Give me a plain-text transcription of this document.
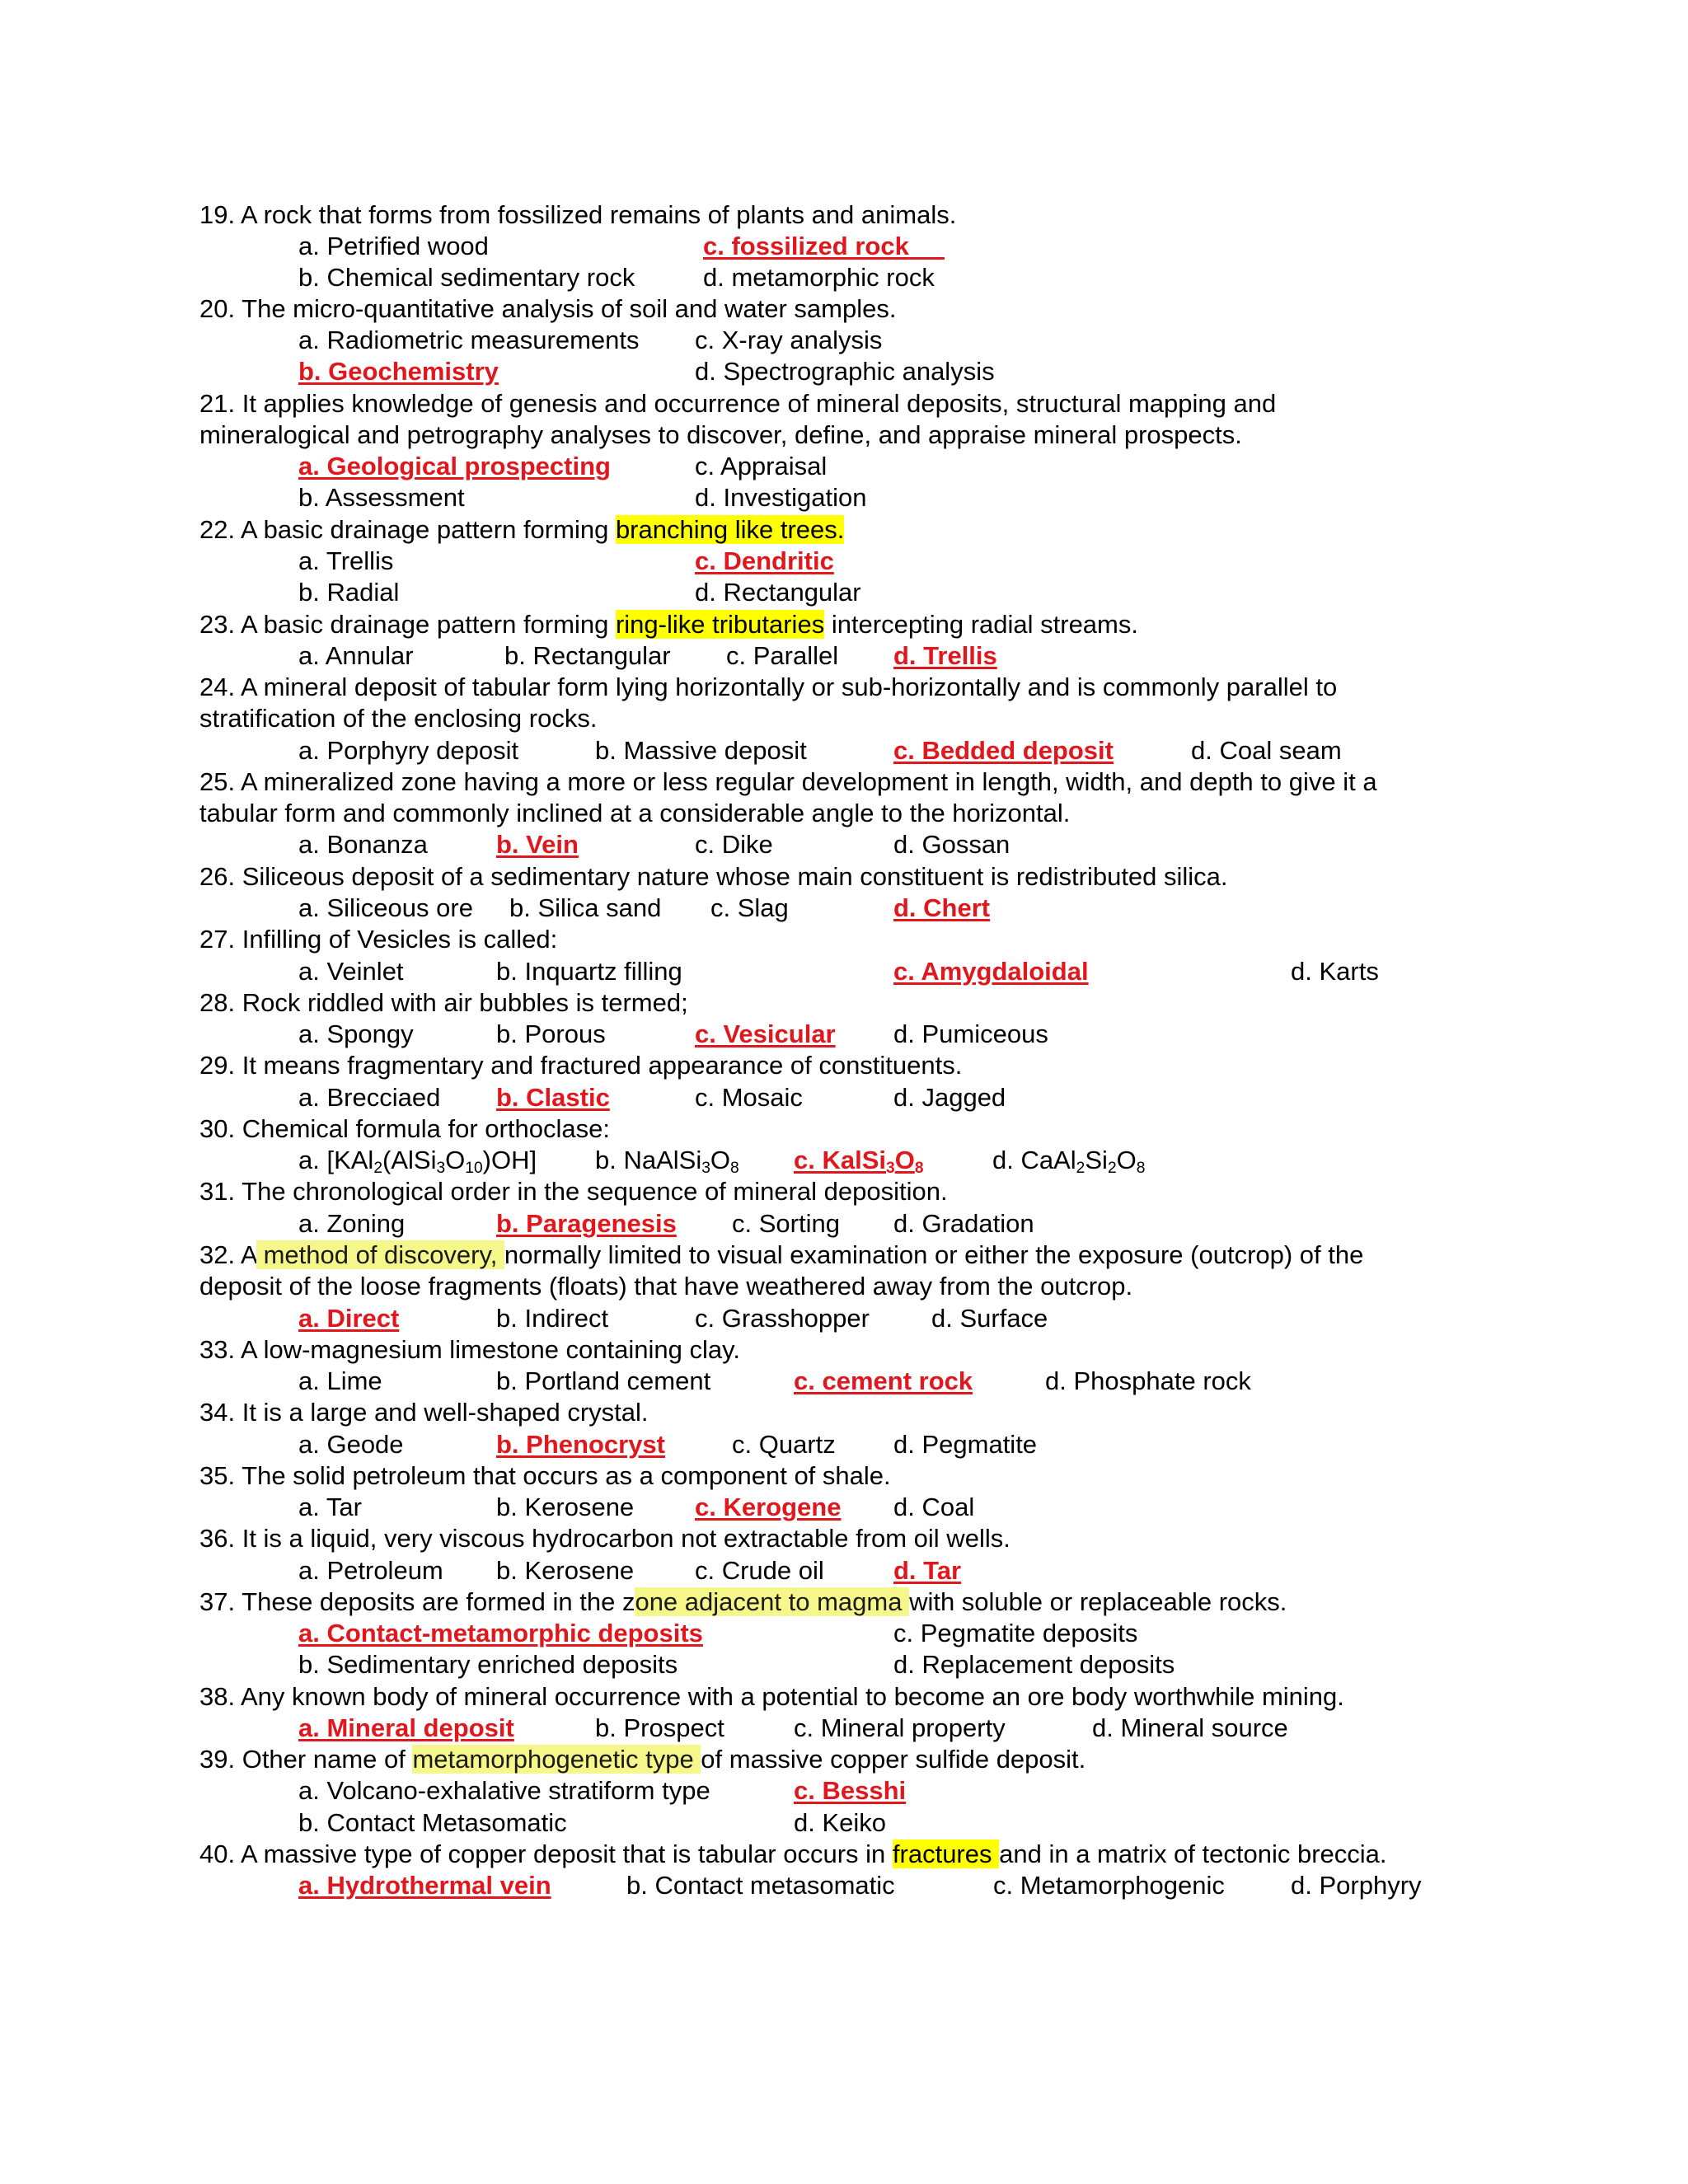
19. A rock that forms from fossilized remains of plants and animals.
a. Petrified wood	c. fossilized rock
b. Chemical sedimentary rock	d. metamorphic rock
20. The micro-quantitative analysis of soil and water samples.
a. Radiometric measurements c. X-ray analysis
b. Geochemistry	d. Spectrographic analysis
21. It applies knowledge of genesis and occurrence of mineral deposits, structural mapping and
mineralogical and petrography analyses to discover, define, and appraise mineral prospects.
a. Geological prospecting	c. Appraisal
b. Assessment	d. Investigation
22. A basic drainage pattern forming branching like trees.
a. Trellis	c. Dendritic
b. Radial	d. Rectangular
23. A basic drainage pattern forming ring-like tributaries intercepting radial streams.
a. Annular	b. Rectangular c. Parallel d. Trellis
24. A mineral deposit of tabular form lying horizontally or sub-horizontally and is commonly parallel to
stratification of the enclosing rocks.
a. Porphyry deposit	b. Massive deposit	c. Bedded deposit	d. Coal seam
25. A mineralized zone having a more or less regular development in length, width, and depth to give it a
tabular form and commonly inclined at a considerable angle to the horizontal.
a. Bonanza	b. Vein	c. Dike	d. Gossan
26. Siliceous deposit of a sedimentary nature whose main constituent is redistributed silica.
a. Siliceous ore b. Silica sand c. Slag	d. Chert
27. Infilling of Vesicles is called:
a. Veinlet	b. Inquartz filling	c. Amygdaloidal	d. Karts
28. Rock riddled with air bubbles is termed;
a. Spongy	b. Porous	c. Vesicular d. Pumiceous
29. It means fragmentary and fractured appearance of constituents.
a. Brecciaed b. Clastic	c. Mosaic	d. Jagged
30. Chemical formula for orthoclase:
a. $[KAl_2(AlSi_3O_{10})OH]$ b. $NaAlSi_3O_8$ c. $KalSi_3O_8$	d. $CaAl_2Si_2O_8$
31. The chronological order in the sequence of mineral deposition.
a. Zoning	b. Paragenesis c. Sorting d. Gradation
32. A method of discovery, normally limited to visual examination or either the exposure (outcrop) of the
deposit of the loose fragments (floats) that have weathered away from the outcrop.
a. Direct	b. Indirect	c. Grasshopper d. Surface
33. A low-magnesium limestone containing clay.
a. Lime	b. Portland cement	c. cement rock	d. Phosphate rock
34. It is a large and well-shaped crystal.
a. Geode	b. Phenocryst	c. Quartz d. Pegmatite
35. The solid petroleum that occurs as a component of shale.
a. Tar	b. Kerosene c. Kerogene d. Coal
36. It is a liquid, very viscous hydrocarbon not extractable from oil wells.
a. Petroleum b. Kerosene c. Crude oil	d. Tar
37. These deposits are formed in the zone adjacent to magma with soluble or replaceable rocks.
a. Contact-metamorphic deposits	c. Pegmatite deposits
b. Sedimentary enriched deposits	d. Replacement deposits
38. Any known body of mineral occurrence with a potential to become an ore body worthwhile mining.
a. Mineral deposit	b. Prospect	c. Mineral property	d. Mineral source
39. Other name of metamorphogenetic type of massive copper sulfide deposit.
a. Volcano-exhalative stratiform type	c. Besshi
b. Contact Metasomatic	d. Keiko
40. A massive type of copper deposit that is tabular occurs in fractures and in a matrix of tectonic breccia.
a. Hydrothermal vein	b. Contact metasomatic	c. Metamorphogenic	d. Porphyry
